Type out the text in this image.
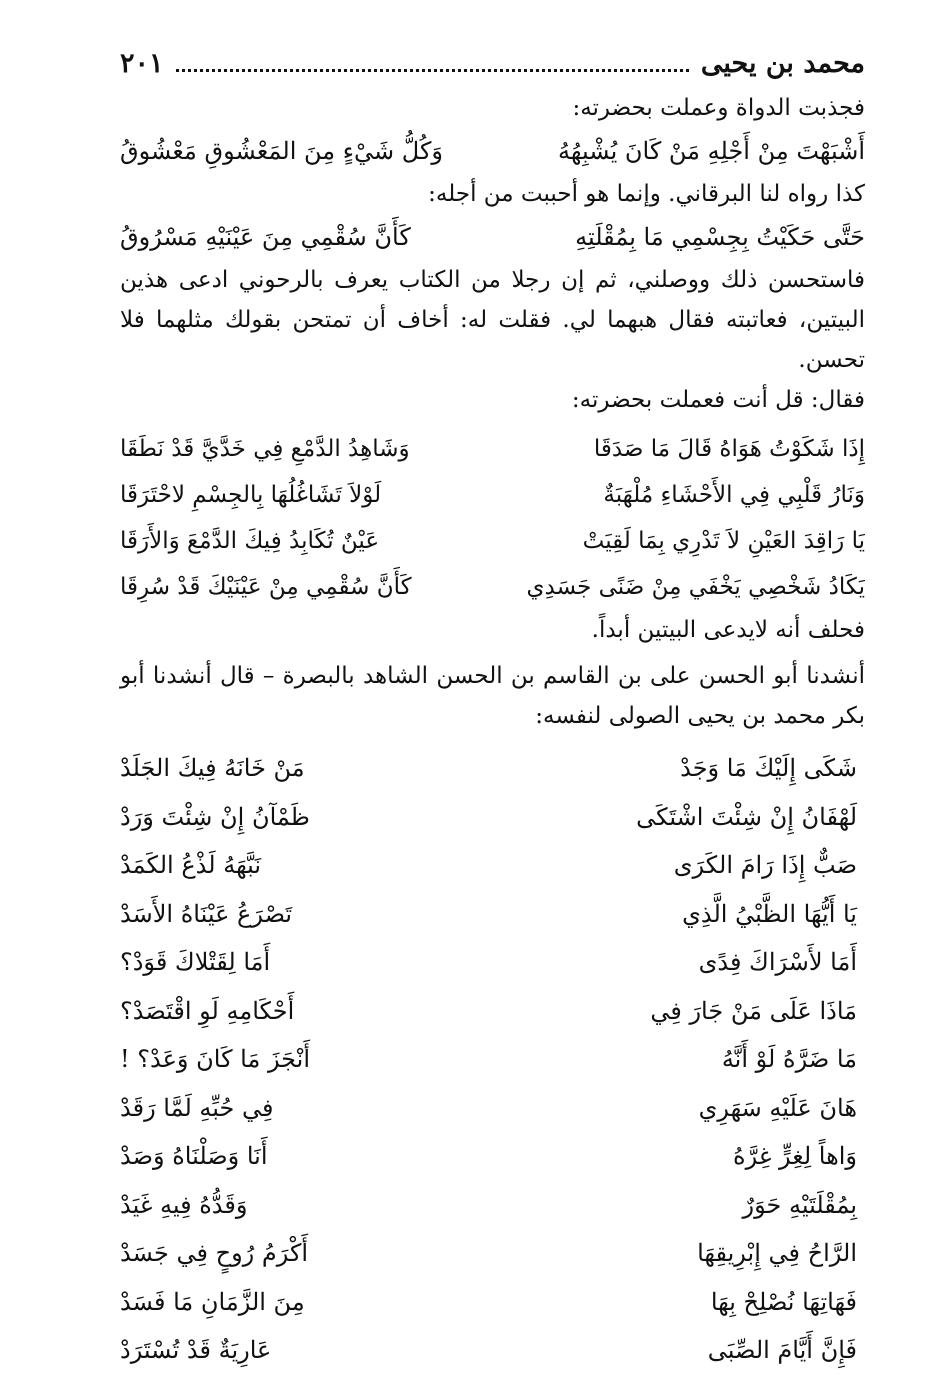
محمد بن يحيى
٢٠١

فجذبت الدواة وعملت بحضرته:

أَشْبَهْتَ مِنْ أَجْلِهِ مَنْ كَانَ يُشْبِهُهُ
وَكُلُّ شَيْءٍ مِنَ المَعْشُوقِ مَعْشُوقُ

كذا رواه لنا البرقاني. وإنما هو أحببت من أجله:

حَتَّى حَكَيْتُ بِجِسْمِي مَا بِمُقْلَتِهِ
كَأَنَّ سُقْمِي مِنَ عَيْنَيْهِ مَسْرُوقُ

فاستحسن ذلك ووصلني، ثم إن رجلا من الكتاب يعرف بالرحوني ادعى هذين البيتين، فعاتبته فقال هبهما لي. فقلت له: أخاف أن تمتحن بقولك مثلهما فلا تحسن.

فقال: قل أنت فعملت بحضرته:

إِذَا شَكَوْتُ هَوَاهُ قَالَ مَا صَدَقَا
وَشَاهِدُ الدَّمْعِ فِي خَدَّيَّ قَدْ نَطَقَا
وَنَارُ قَلْبِي فِي الأَحْشَاءِ مُلْهَبَةٌ
لَوْلاَ تَشَاغُلُهَا بِالجِسْمِ لاحْتَرَقَا
يَا رَاقِدَ العَيْنِ لاَ تَدْرِي بِمَا لَقِيَتْ
عَيْنٌ تُكَابِدُ فِيكَ الدَّمْعَ وَالأَرَقَا
يَكَادُ شَخْصِي يَخْفَي مِنْ ضَنًى جَسَدِي
كَأَنَّ سُقْمِي مِنْ عَيْنَيْكَ قَدْ سُرِقَا

فحلف أنه لايدعى البيتين أبداً.

أنشدنا أبو الحسن على بن القاسم بن الحسن الشاهد بالبصرة – قال أنشدنا أبو بكر محمد بن يحيى الصولى لنفسه:

شَكَى إِلَيْكَ مَا وَجَدْ
مَنْ خَانَهُ فِيكَ الجَلَدْ
لَهْفَانُ إِنْ شِئْتَ اشْتَكَى
ظَمْآنُ إِنْ شِئْتَ وَرَدْ
صَبٌّ إِذَا رَامَ الكَرَى
نَبَّهَهُ لَذْعُ الكَمَدْ
يَا أَيُّهَا الظَّبْيُ الَّذِي
تَصْرَعُ عَيْنَاهُ الأَسَدْ
أَمَا لأَسْرَاكَ فِدًى
أَمَا لِقَتْلاكَ قَوَدْ؟
مَاذَا عَلَى مَنْ جَارَ فِي
أَحْكَامِهِ لَوِ اقْتَصَدْ؟
مَا ضَرَّهُ لَوْ أَنَّهُ
أَنْجَزَ مَا كَانَ وَعَدْ؟ !
هَانَ عَلَيْهِ سَهَرِي
فِي حُبِّهِ لَمَّا رَقَدْ
وَاهاً لِغِرٍّ غِرَّهُ
أَنَا وَصَلْنَاهُ وَصَدْ
بِمُقْلَتَيْهِ حَوَرٌ
وَقَدُّهُ فِيهِ غَيَدْ
الرَّاحُ فِي إِبْرِيقِهَا
أَكْرَمُ رُوحٍ فِي جَسَدْ
فَهَاتِهَا نُصْلِحْ بِهَا
مِنَ الزَّمَانِ مَا فَسَدْ
فَإِنَّ أَيَّامَ الصِّبَى
عَارِيَةٌ قَدْ تُسْتَرَدْ
